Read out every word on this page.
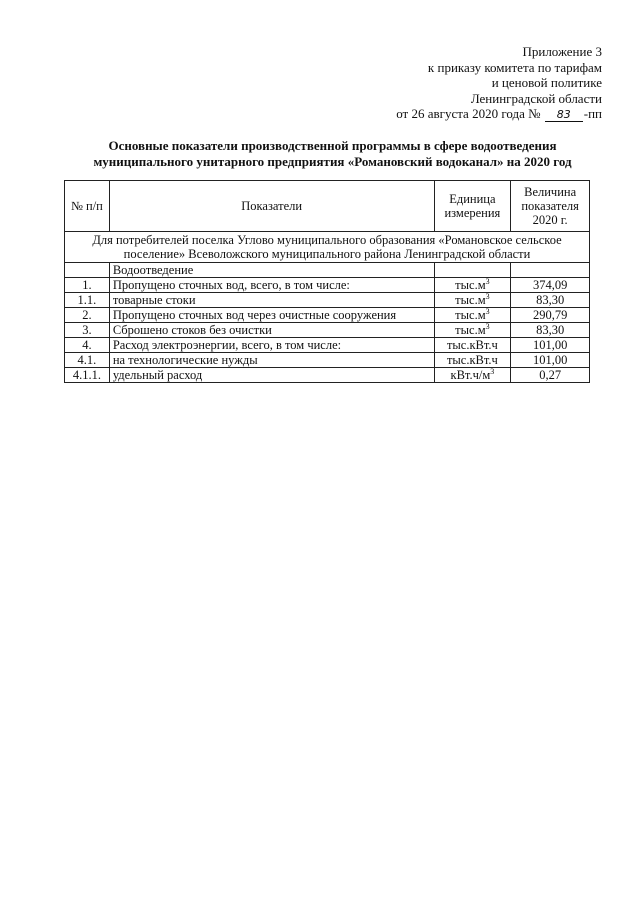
Приложение 3
к приказу комитета по тарифам
и ценовой политике
Ленинградской области
от 26 августа 2020 года № 83 -пп
Основные показатели производственной программы в сфере водоотведения
муниципального унитарного предприятия «Романовский водоканал» на 2020 год
№ п/п	Показатели	Единица измерения	Величина показателя 2020 г.
Для потребителей поселка Углово муниципального образования «Романовское сельское поселение» Всеволожского муниципального района Ленинградской области			
	Водоотведение		
1.	Пропущено сточных вод, всего, в том числе:	$тыс.м^3$	374,09
1.1.	товарные стоки	$тыс.м^3$	83,30
2.	Пропущено сточных вод через очистные сооружения	$тыс.м^3$	290,79
3.	Сброшено стоков без очистки	$тыс.м^3$	83,30
4.	Расход электроэнергии, всего, в том числе:	тыс.кВт.ч	101,00
4.1.	на технологические нужды	тыс.кВт.ч	101,00
4.1.1.	удельный расход	$кВт.ч/м^3$	0,27
